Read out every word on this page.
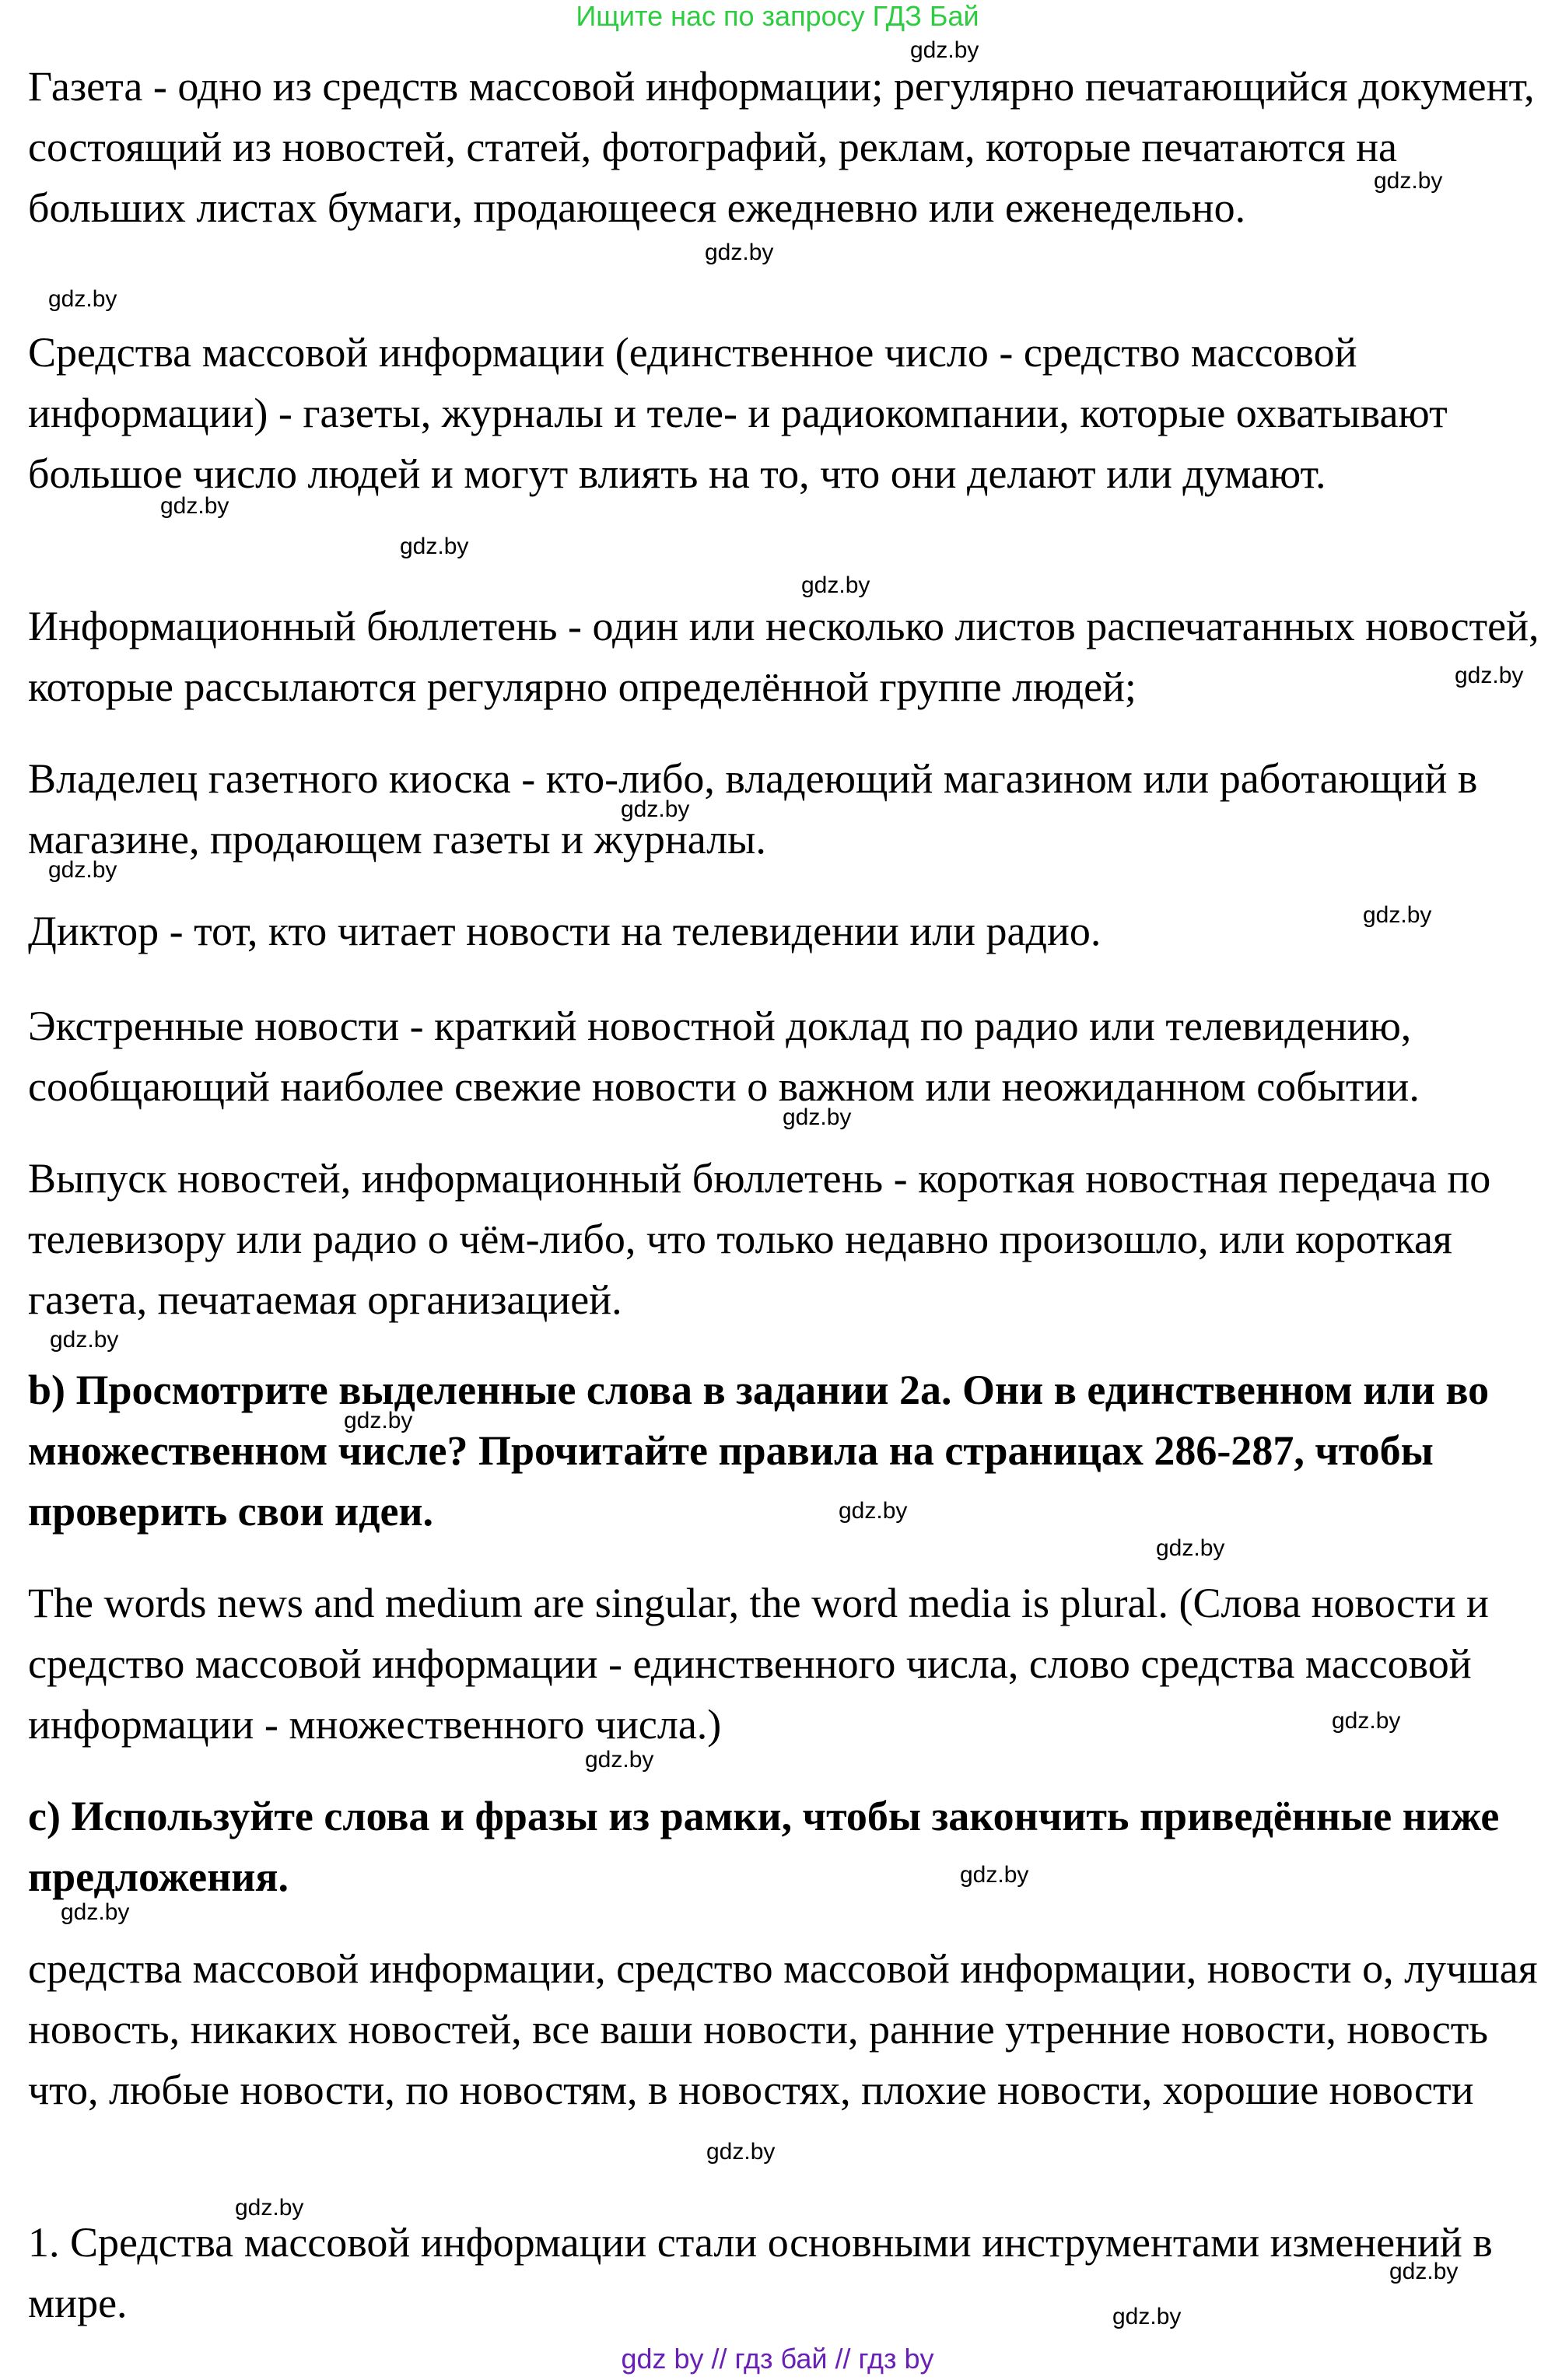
Ищите нас по запросу ГДЗ Бай

Газета - одно из средств массовой информации; регулярно печатающийся документ, состоящий из новостей, статей, фотографий, реклам, которые печатаются на больших листах бумаги, продающееся ежедневно или еженедельно.

Средства массовой информации (единственное число - средство массовой информации) - газеты, журналы и теле- и радиокомпании, которые охватывают большое число людей и могут влиять на то, что они делают или думают.

Информационный бюллетень - один или несколько листов распечатанных новостей, которые рассылаются регулярно определённой группе людей;

Владелец газетного киоска - кто-либо, владеющий магазином или работающий в магазине, продающем газеты и журналы.

Диктор - тот, кто читает новости на телевидении или радио.

Экстренные новости - краткий новостной доклад по радио или телевидению, сообщающий наиболее свежие новости о важном или неожиданном событии.

Выпуск новостей, информационный бюллетень - короткая новостная передача по телевизору или радио о чём-либо, что только недавно произошло, или короткая газета, печатаемая организацией.

b) Просмотрите выделенные слова в задании 2a. Они в единственном или во множественном числе? Прочитайте правила на страницах 286-287, чтобы проверить свои идеи.

The words news and medium are singular, the word media is plural. (Слова новости и средство массовой информации - единственного числа, слово средства массовой информации - множественного числа.)

c) Используйте слова и фразы из рамки, чтобы закончить приведённые ниже предложения.

средства массовой информации, средство массовой информации, новости о, лучшая новость, никаких новостей, все ваши новости, ранние утренние новости, новость что, любые новости, по новостям, в новостях, плохие новости, хорошие новости

1. Средства массовой информации стали основными инструментами изменений в мире.

gdz.by
gdz.by
gdz.by
gdz.by
gdz.by
gdz.by
gdz.by
gdz.by
gdz.by
gdz.by
gdz.by
gdz.by
gdz.by
gdz.by
gdz.by
gdz.by
gdz.by
gdz.by
gdz.by
gdz.by
gdz.by
gdz.by
gdz.by
gdz.by
gdz by // гдз бай // гдз by
